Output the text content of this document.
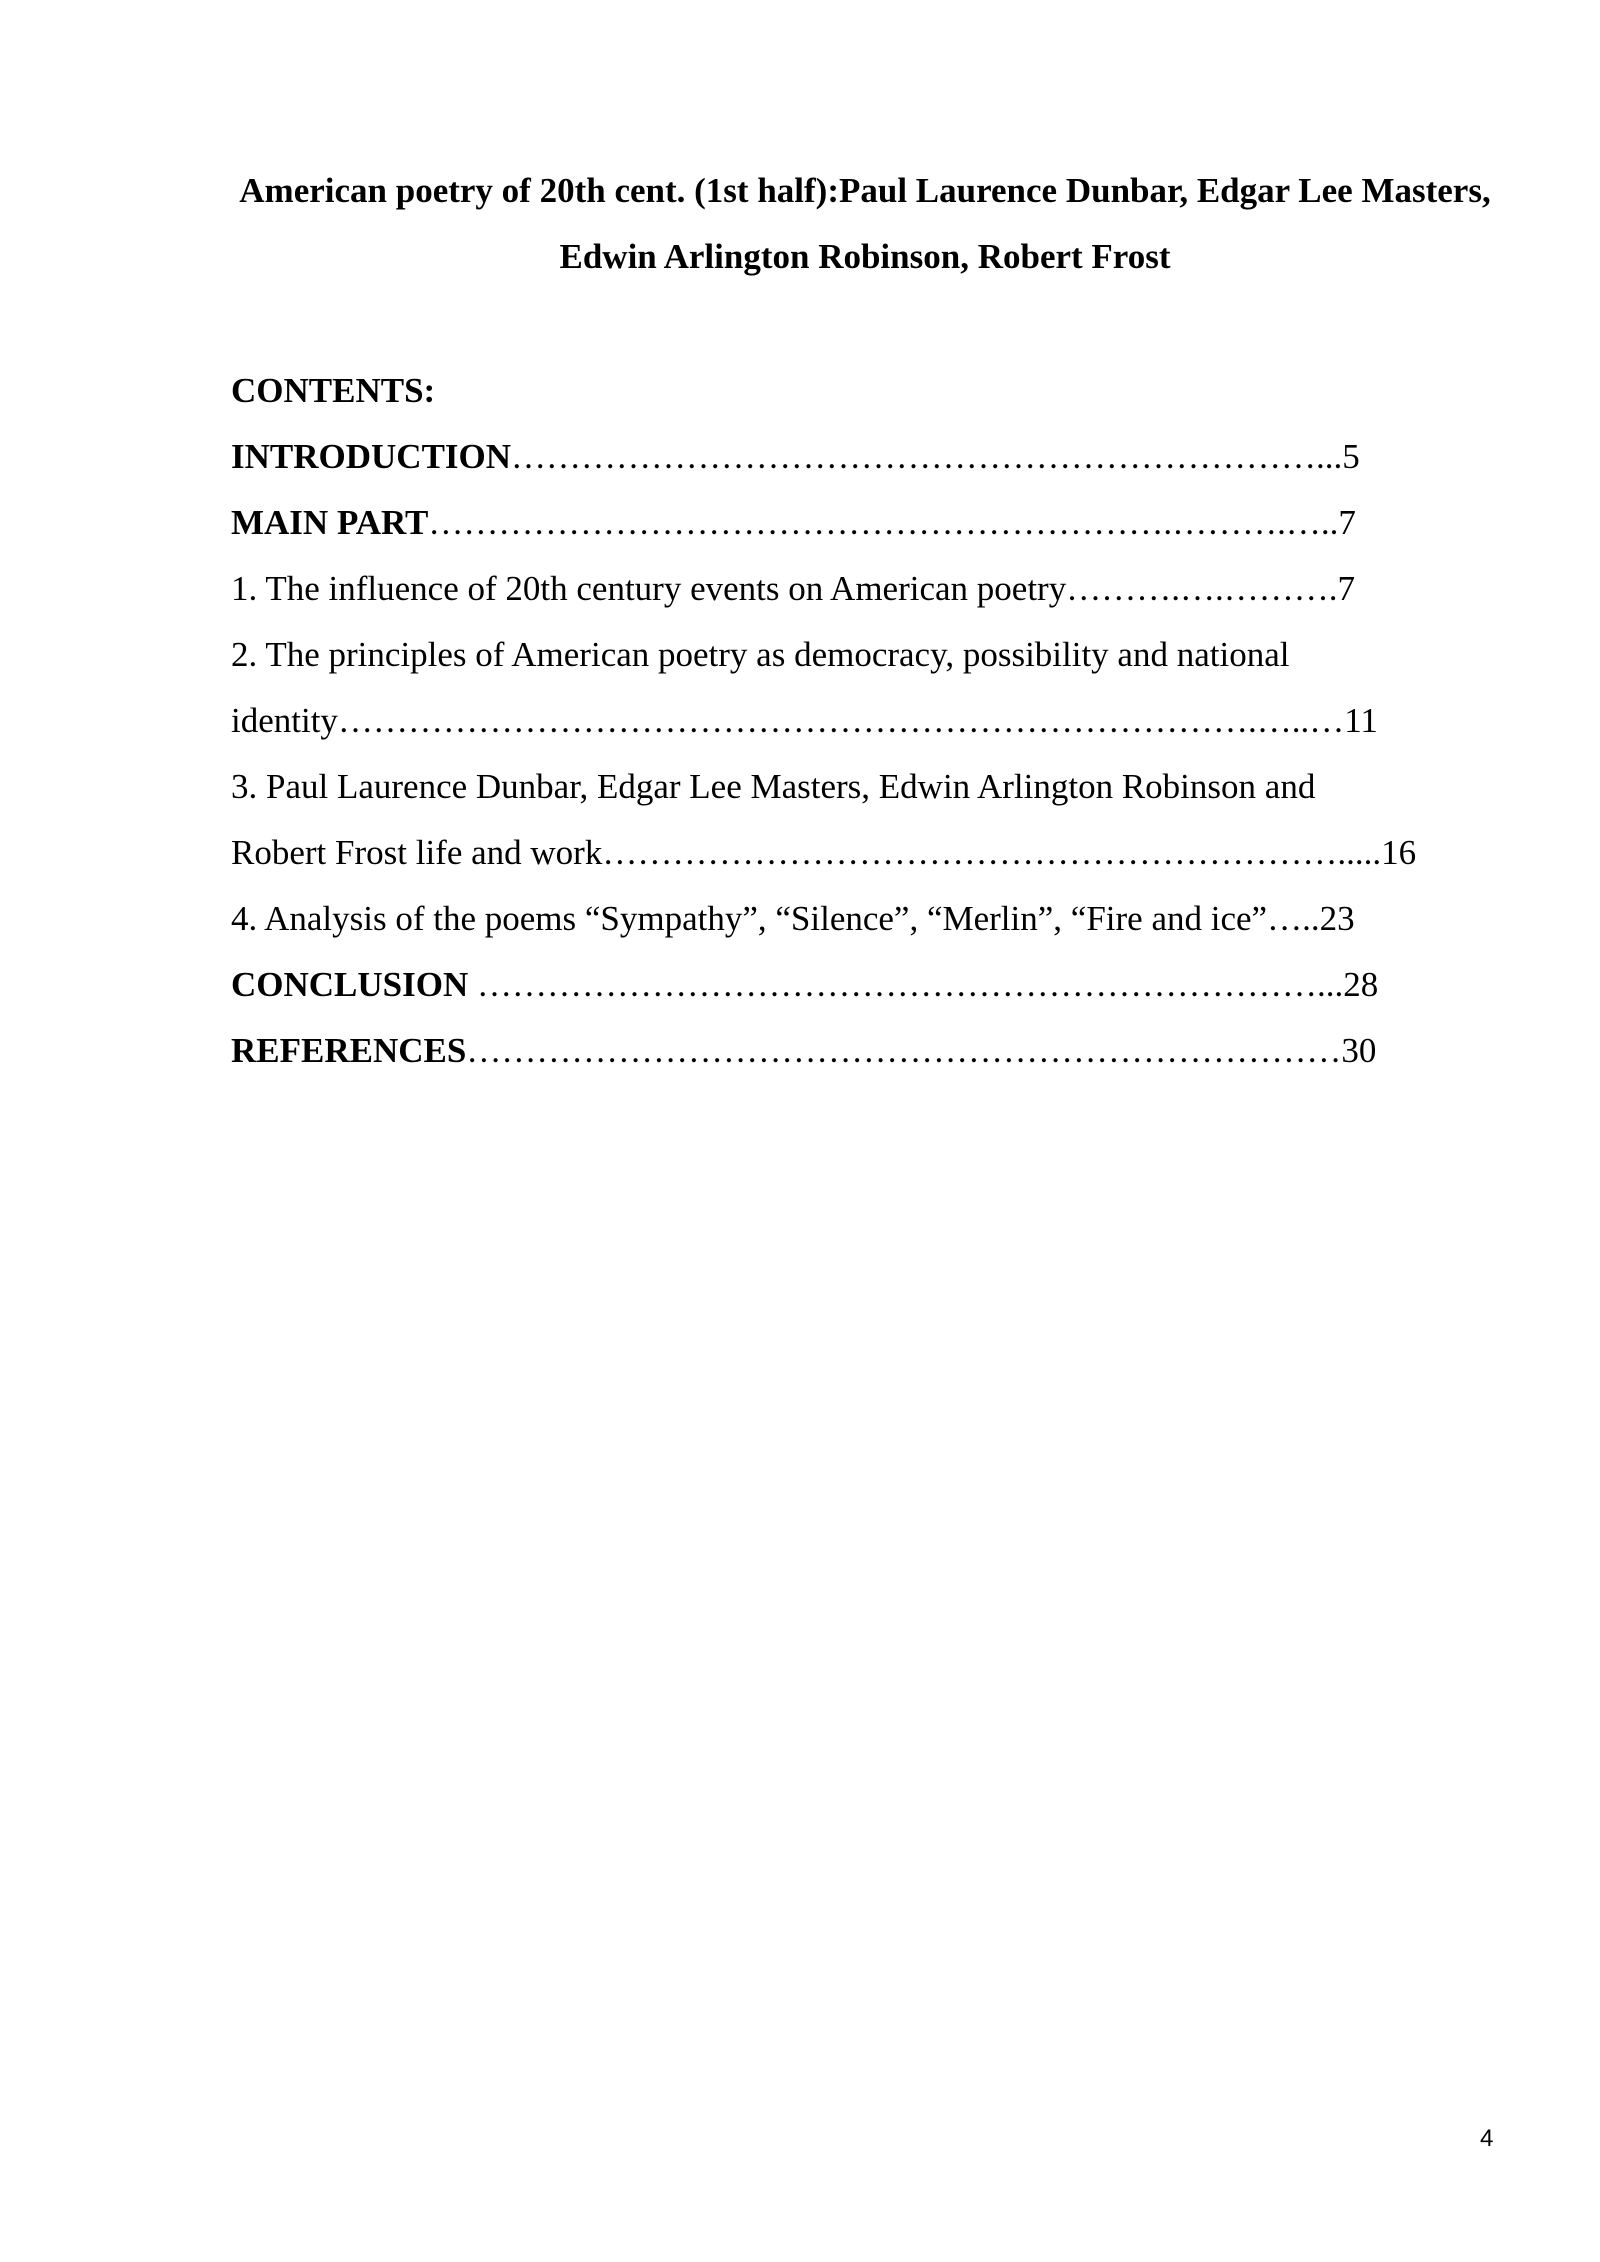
American poetry of 20th cent. (1st half):Paul Laurence Dunbar, Edgar Lee Masters, Edwin Arlington Robinson, Robert Frost

CONTENTS:

INTRODUCTION……………………………………………………………...5

MAIN PART……………………………………………………….……….…..7

1. The influence of 20th century events on American poetry……….….……….7

2. The principles of American poetry as democracy, possibility and national

identity…………………………………………………………………….…..…11

3. Paul Laurence Dunbar, Edgar Lee Masters, Edwin Arlington Robinson and

Robert Frost life and work……………………………………………………….....16

4. Analysis of the poems “Sympathy”, “Silence”, “Merlin”, “Fire and ice”…..23

CONCLUSION ………………………………………………………………...28

REFERENCES…………………………………………………………………30

4
